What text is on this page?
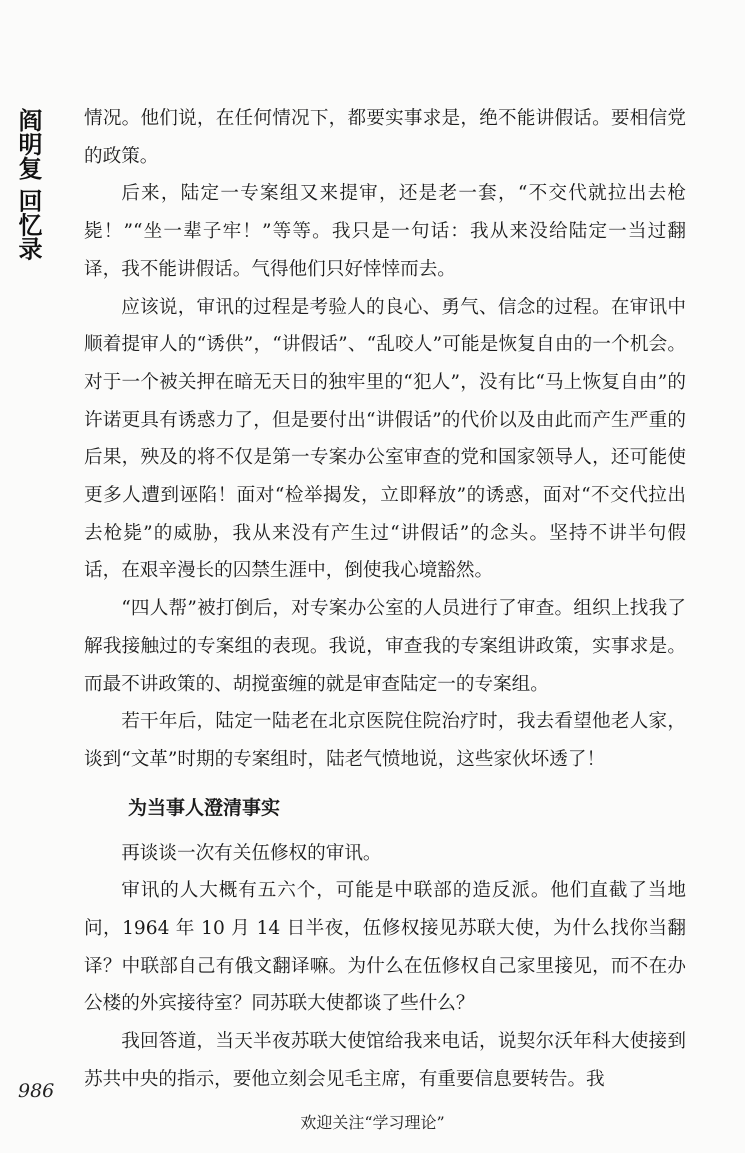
阎明复 回忆录 情况。他们说，在任何情况下，都要实事求是，绝不能讲假话。要相信党的政策。

后来，陆定一专案组又来提审，还是老一套，“不交代就拉出去枪毙！”“坐一辈子牢！”等等。我只是一句话：我从来没给陆定一当过翻译，我不能讲假话。气得他们只好悻悻而去。

应该说，审讯的过程是考验人的良心、勇气、信念的过程。在审讯中顺着提审人的“诱供”，“讲假话”、“乱咬人”可能是恢复自由的一个机会。对于一个被关押在暗无天日的独牢里的“犯人”，没有比“马上恢复自由”的许诺更具有诱惑力了，但是要付出“讲假话”的代价以及由此而产生严重的后果，殃及的将不仅是第一专案办公室审查的党和国家领导人，还可能使更多人遭到诬陷！面对“检举揭发，立即释放”的诱惑，面对“不交代拉出去枪毙”的威胁，我从来没有产生过“讲假话”的念头。坚持不讲半句假话，在艰辛漫长的囚禁生涯中，倒使我心境豁然。

“四人帮”被打倒后，对专案办公室的人员进行了审查。组织上找我了解我接触过的专案组的表现。我说，审查我的专案组讲政策，实事求是。而最不讲政策的、胡搅蛮缠的就是审查陆定一的专案组。

若干年后，陆定一陆老在北京医院住院治疗时，我去看望他老人家，谈到“文革”时期的专案组时，陆老气愤地说，这些家伙坏透了！

为当事人澄清事实

再谈谈一次有关伍修权的审讯。

审讯的人大概有五六个，可能是中联部的造反派。他们直截了当地问，1964 年 10 月 14 日半夜，伍修权接见苏联大使，为什么找你当翻译？中联部自己有俄文翻译嘛。为什么在伍修权自己家里接见，而不在办公楼的外宾接待室？同苏联大使都谈了些什么？

我回答道，当天半夜苏联大使馆给我来电话，说契尔沃年科大使接到苏共中央的指示，要他立刻会见毛主席，有重要信息要转告。我

986
欢迎关注“学习理论”
